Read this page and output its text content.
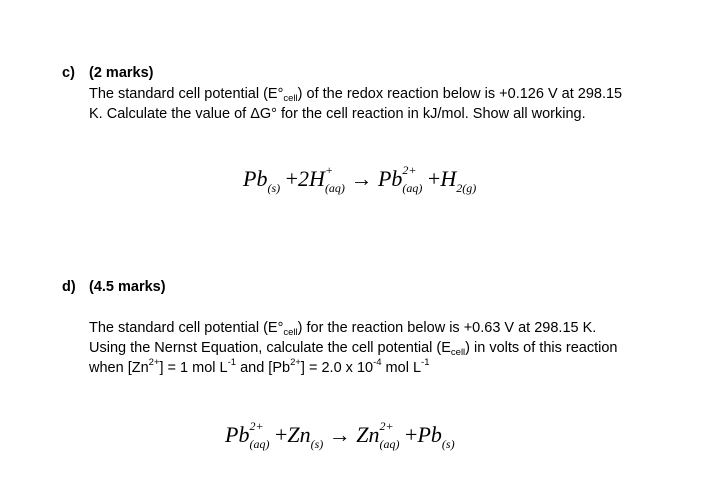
c) (2 marks)
The standard cell potential $(E^\circ_{cell})$ of the redox reaction below is +0.126 V at 298.15
K. Calculate the value of ΔG° for the cell reaction in kJ/mol. Show all working.
Pb(s) +2H +
(aq) → Pb 2+
(aq) +H2(g)
d) (4.5 marks)
The standard cell potential $(E^\circ_{cell})$ for the reaction below is +0.63 V at 298.15 K.
Using the Nernst Equation, calculate the cell potential $(E_{cell})$ in volts of this reaction
when $[Zn^{2+}] = 1$ mol $L^{-1}$ and $[Pb^{2+}] = 2.0$ x $10^{-4}$ mol $L^{-1}$
Pb 2+
(aq) +Zn(s) → Zn 2+
(aq) +Pb(s)
